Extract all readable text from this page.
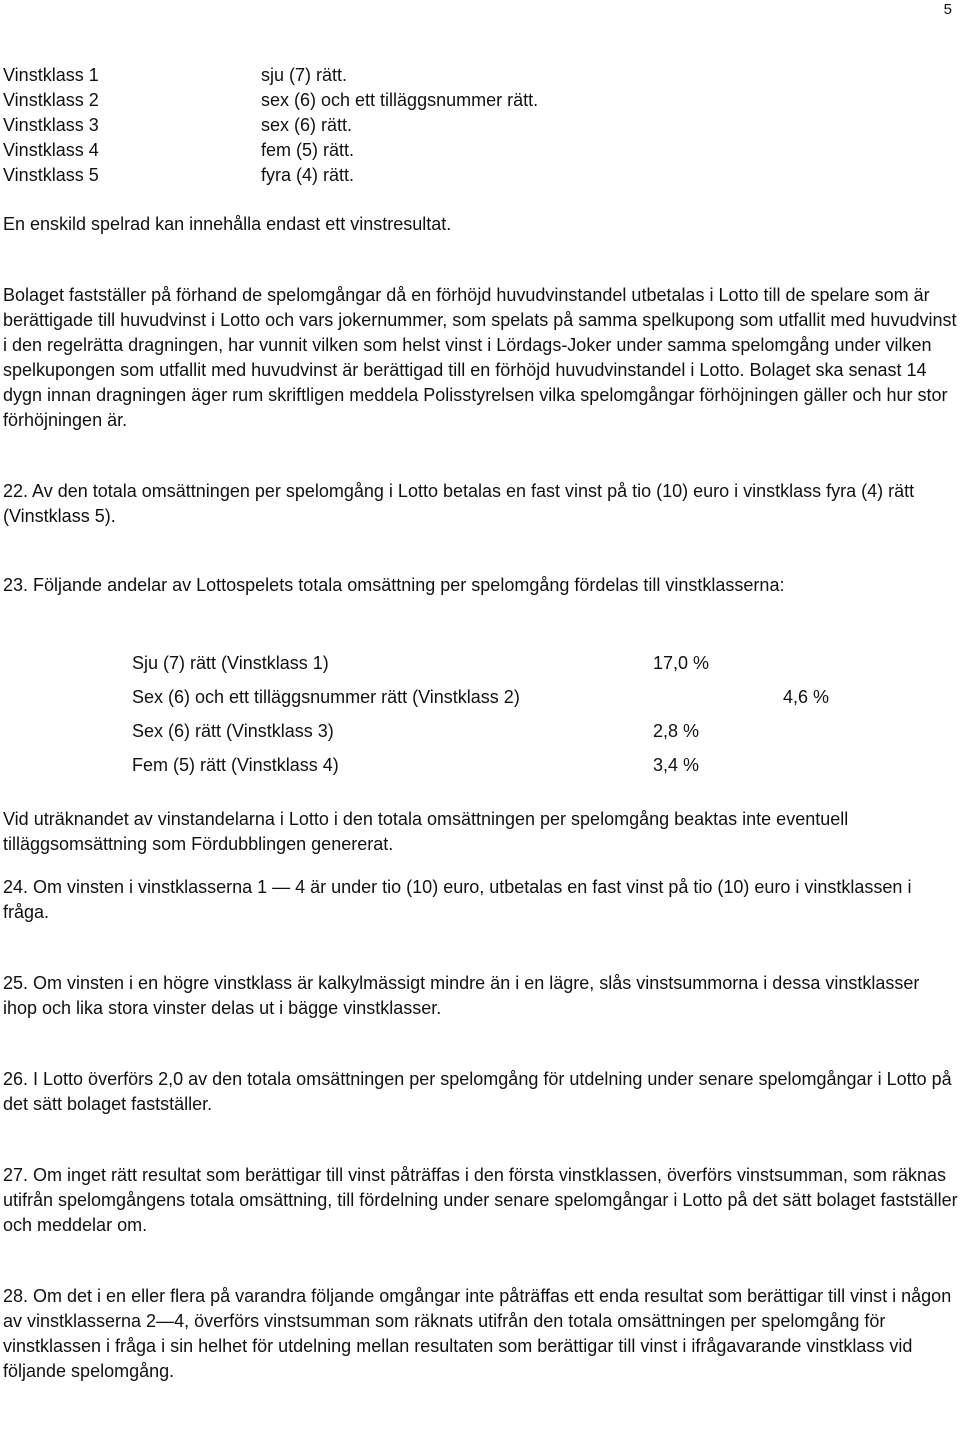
5
Vinstklass 1	sju (7) rätt.
Vinstklass 2	sex (6) och ett tilläggsnummer rätt.
Vinstklass 3	sex (6) rätt.
Vinstklass 4	fem (5) rätt.
Vinstklass 5	fyra (4) rätt.

En enskild spelrad kan innehålla endast ett vinstresultat.

Bolaget fastställer på förhand de spelomgångar då en förhöjd huvudvinstandel utbetalas i Lotto till de spelare som är berättigade till huvudvinst i Lotto och vars jokernummer, som spelats på samma spelkupong som utfallit med huvudvinst i den regelrätta dragningen, har vunnit vilken som helst vinst i Lördags-Joker under samma spelomgång under vilken spelkupongen som utfallit med huvudvinst är berättigad till en förhöjd huvudvinstandel i Lotto. Bolaget ska senast 14 dygn innan dragningen äger rum skriftligen meddela Polisstyrelsen vilka spelomgångar förhöjningen gäller och hur stor förhöjningen är.

22. Av den totala omsättningen per spelomgång i Lotto betalas en fast vinst på tio (10) euro i vinstklass fyra (4) rätt (Vinstklass 5).

23. Följande andelar av Lottospelets totala omsättning per spelomgång fördelas till vinstklasserna:

Sju (7) rätt (Vinstklass 1)	17,0 %
Sex (6) och ett tilläggsnummer rätt (Vinstklass 2)	4,6 %
Sex (6) rätt (Vinstklass 3)	2,8 %
Fem (5) rätt (Vinstklass 4)	3,4 %

Vid uträknandet av vinstandelarna i Lotto i den totala omsättningen per spelomgång beaktas inte eventuell tilläggsomsättning som Fördubblingen genererat.

24. Om vinsten i vinstklasserna 1 — 4 är under tio (10) euro, utbetalas en fast vinst på tio (10) euro i vinstklassen i fråga.

25. Om vinsten i en högre vinstklass är kalkylmässigt mindre än i en lägre, slås vinstsummorna i dessa vinstklasser ihop och lika stora vinster delas ut i bägge vinstklasser.

26. I Lotto överförs 2,0 av den totala omsättningen per spelomgång för utdelning under senare spelomgångar i Lotto på det sätt bolaget fastställer.

27. Om inget rätt resultat som berättigar till vinst påträffas i den första vinstklassen, överförs vinstsumman, som räknas utifrån spelomgångens totala omsättning, till fördelning under senare spelomgångar i Lotto på det sätt bolaget fastställer och meddelar om.

28. Om det i en eller flera på varandra följande omgångar inte påträffas ett enda resultat som berättigar till vinst i någon av vinstklasserna 2—4, överförs vinstsumman som räknats utifrån den totala omsättningen per spelomgång för vinstklassen i fråga i sin helhet för utdelning mellan resultaten som berättigar till vinst i ifrågavarande vinstklass vid följande spelomgång.
